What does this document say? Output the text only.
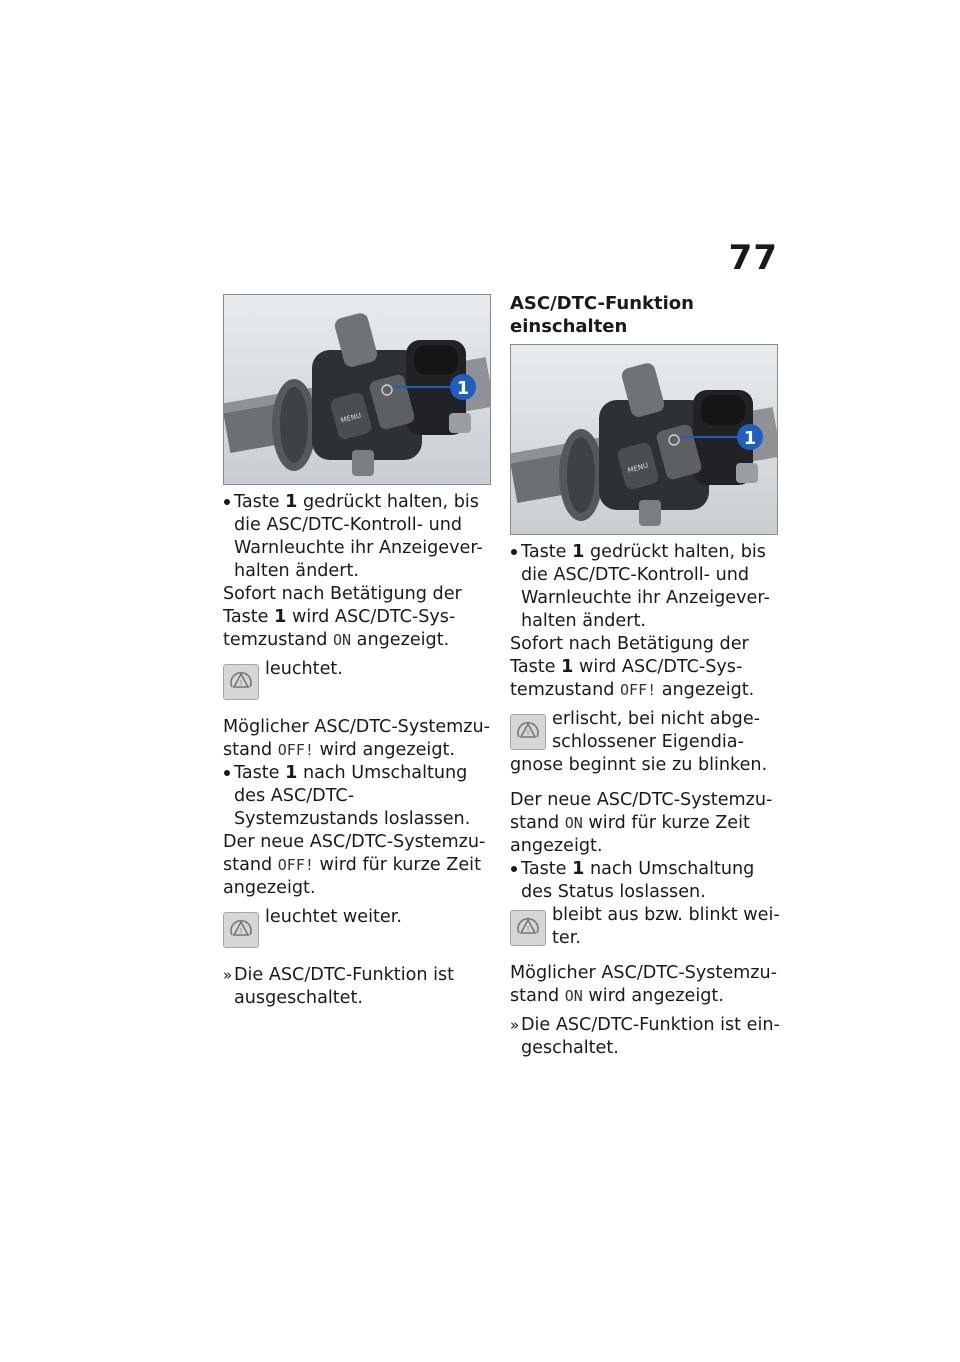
77
MENU
1
Taste 1 gedrückt halten, bis die ASC/DTC-Kontroll- und Warnleuchte ihr Anzeigever-halten ändert.

Sofort nach Betätigung der Taste 1 wird ASC/DTC-Sys-temzustand ON angezeigt.

!
leuchtet.

Möglicher ASC/DTC-Systemzu-stand OFF! wird angezeigt.

Taste 1 nach Umschaltung des ASC/DTC-Systemzustands loslassen.

Der neue ASC/DTC-Systemzu-stand OFF! wird für kurze Zeit angezeigt.

!
leuchtet weiter.
» Die ASC/DTC-Funktion ist ausgeschaltet.
ASC/DTC-Funktion einschalten
MENU
1
Taste 1 gedrückt halten, bis die ASC/DTC-Kontroll- und Warnleuchte ihr Anzeigever-halten ändert.

Sofort nach Betätigung der Taste 1 wird ASC/DTC-Sys-temzustand OFF! angezeigt.

!
erlischt, bei nicht abge-schlossener Eigendia-gnose beginnt sie zu blinken.

Der neue ASC/DTC-Systemzu-stand ON wird für kurze Zeit angezeigt.

Taste 1 nach Umschaltung des Status loslassen.
!
bleibt aus bzw. blinkt wei-ter.

Möglicher ASC/DTC-Systemzu-stand ON wird angezeigt.

» Die ASC/DTC-Funktion ist ein-geschaltet.
